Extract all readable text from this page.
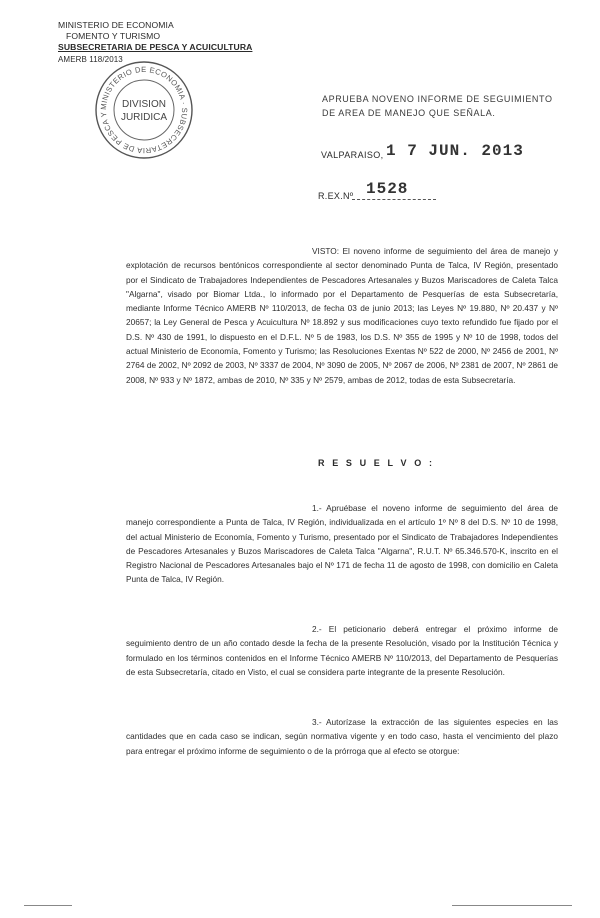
MINISTERIO DE ECONOMIA
FOMENTO Y TURISMO
SUBSECRETARIA DE PESCA Y ACUICULTURA
AMERB 118/2013
MINISTERIO DE ECONOMIA · SUBSECRETARIA DE PESCA Y
DIVISION
JURIDICA
APRUEBA NOVENO INFORME DE SEGUIMIENTO DE AREA DE MANEJO QUE SEÑALA.
VALPARAISO, 1 7 JUN. 2013
R.EX.Nº 1528
VISTO: El noveno informe de seguimiento del área de manejo y explotación de recursos bentónicos correspondiente al sector denominado Punta de Talca, IV Región, presentado por el Sindicato de Trabajadores Independientes de Pescadores Artesanales y Buzos Mariscadores de Caleta Talca "Algarna", visado por Biomar Ltda., lo informado por el Departamento de Pesquerías de esta Subsecretaría, mediante Informe Técnico AMERB Nº 110/2013, de fecha 03 de junio 2013; las Leyes Nº 19.880, Nº 20.437 y Nº 20657; la Ley General de Pesca y Acuicultura Nº 18.892 y sus modificaciones cuyo texto refundido fue fijado por el D.S. Nº 430 de 1991, lo dispuesto en el D.F.L. Nº 5 de 1983, los D.S. Nº 355 de 1995 y Nº 10 de 1998, todos del actual Ministerio de Economía, Fomento y Turismo; las Resoluciones Exentas Nº 522 de 2000, Nº 2456 de 2001, Nº 2764 de 2002, Nº 2092 de 2003, Nº 3337 de 2004, Nº 3090 de 2005, Nº 2067 de 2006, Nº 2381 de 2007, Nº 2861 de 2008, Nº 933 y Nº 1872, ambas de 2010, Nº 335 y Nº 2579, ambas de 2012, todas de esta Subsecretaría.
R E S U E L V O :
1.- Apruébase el noveno informe de seguimiento del área de manejo correspondiente a Punta de Talca, IV Región, individualizada en el artículo 1º Nº 8 del D.S. Nº 10 de 1998, del actual Ministerio de Economía, Fomento y Turismo, presentado por el Sindicato de Trabajadores Independientes de Pescadores Artesanales y Buzos Mariscadores de Caleta Talca "Algarna", R.U.T. Nº 65.346.570-K, inscrito en el Registro Nacional de Pescadores Artesanales bajo el Nº 171 de fecha 11 de agosto de 1998, con domicilio en Caleta Punta de Talca, IV Región.
2.- El peticionario deberá entregar el próximo informe de seguimiento dentro de un año contado desde la fecha de la presente Resolución, visado por la Institución Técnica y formulado en los términos contenidos en el Informe Técnico AMERB Nº 110/2013, del Departamento de Pesquerías de esta Subsecretaría, citado en Visto, el cual se considera parte integrante de la presente Resolución.
3.- Autorízase la extracción de las siguientes especies en las cantidades que en cada caso se indican, según normativa vigente y en todo caso, hasta el vencimiento del plazo para entregar el próximo informe de seguimiento o de la prórroga que al efecto se otorgue:
